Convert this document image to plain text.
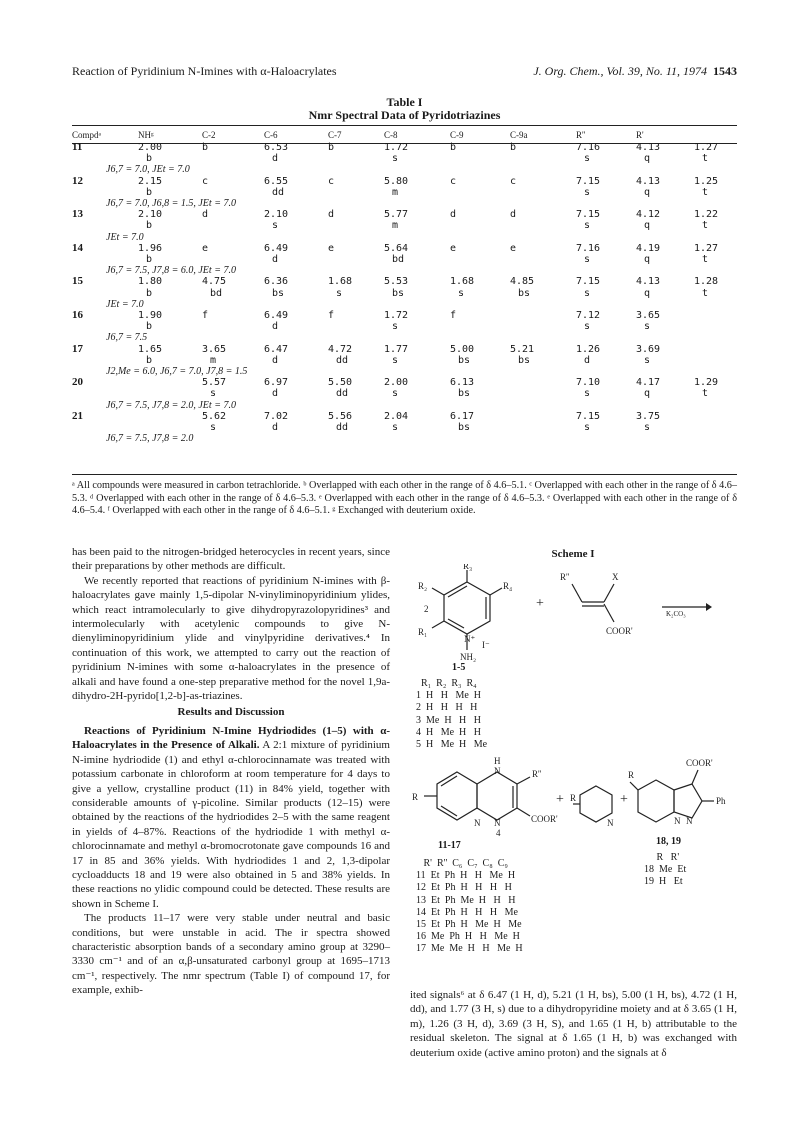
Reaction of Pyridinium N-Imines with α-Haloacrylates	J. Org. Chem., Vol. 39, No. 11, 1974 1543
Table I
Nmr Spectral Data of Pyridotriazines
Compdᵃ	NHᵍ	C-2	C-6	C-7	C-8	C-9	C-9a	R''	R'	
11	2.00	b	6.53	b	1.72	b	b	7.16	4.13	1.27
	b		d		s			s	q	t
J6,7 = 7.0, JEt = 7.0										
12	2.15	c	6.55	c	5.80	c	c	7.15	4.13	1.25
	b		dd		m			s	q	t
J6,7 = 7.0, J6,8 = 1.5, JEt = 7.0										
13	2.10	d	2.10	d	5.77	d	d	7.15	4.12	1.22
	b		s		m			s	q	t
JEt = 7.0										
14	1.96	e	6.49	e	5.64	e	e	7.16	4.19	1.27
	b		d		bd			s	q	t
J6,7 = 7.5, J7,8 = 6.0, JEt = 7.0										
15	1.80	4.75	6.36	1.68	5.53	1.68	4.85	7.15	4.13	1.28
	b	bd	bs	s	bs	s	bs	s	q	t
JEt = 7.0										
16	1.90	f	6.49	f	1.72	f		7.12	3.65	
	b		d		s			s	s	
J6,7 = 7.5										
17	1.65	3.65	6.47	4.72	1.77	5.00	5.21	1.26	3.69	
	b	m	d	dd	s	bs	bs	d	s	
J2,Me = 6.0, J6,7 = 7.0, J7,8 = 1.5										
20		5.57	6.97	5.50	2.00	6.13		7.10	4.17	1.29
		s	d	dd	s	bs		s	q	t
J6,7 = 7.5, J7,8 = 2.0, JEt = 7.0										
21		5.62	7.02	5.56	2.04	6.17		7.15	3.75	
		s	d	dd	s	bs		s	s	
J6,7 = 7.5, J7,8 = 2.0										
ᵃ All compounds were measured in carbon tetrachloride. ᵇ Overlapped with each other in the range of δ 4.6–5.1. ᶜ Overlapped with each other in the range of δ 4.6–5.3. ᵈ Overlapped with each other in the range of δ 4.6–5.3. ᵉ Overlapped with each other in the range of δ 4.6–5.3. ᵉ Overlapped with each other in the range of δ 4.6–5.4. ᶠ Overlapped with each other in the range of δ 4.6–5.1. ᵍ Exchanged with deuterium oxide.

has been paid to the nitrogen-bridged heterocycles in recent years, since their preparations by other methods are difficult.

We recently reported that reactions of pyridinium N-imines with β-haloacrylates gave mainly 1,5-dipolar N-vinyliminopyridinium ylides, which react intramolecularly to give dihydropyrazolopyridines³ and intermolecularly with acetylenic compounds to give N-dienyliminopyridinium ylide and vinylpyridine derivatives.⁴ In continuation of this work, we attempted to carry out the reaction of pyridinium N-imines with some α-haloacrylates in the presence of alkali and have found a one-step preparative method for the novel 1,9a-dihydro-2H-pyrido[1,2-b]-as-triazines.

Results and Discussion

Reactions of Pyridinium N-Imine Hydriodides (1–5) with α-Haloacrylates in the Presence of Alkali. A 2:1 mixture of pyridinium N-imine hydriodide (1) and ethyl α-chlorocinnamate was treated with potassium carbonate in chloroform at room temperature for 4 days to give a yellow, crystalline product (11) in 84% yield, together with considerable amounts of γ-picoline. Similar products (12–15) were obtained by the reactions of the hydriodides 2–5 with the same reagent in yields of 4–87%. Reactions of the hydriodide 1 with methyl α-chlorocinnamate and methyl α-bromocrotonate gave compounds 16 and 17 in 85 and 36% yields. With hydriodides 1 and 2, 1,3-dipolar cycloadducts 18 and 19 were also obtained in 5 and 38% yields. In these reactions no ylidic compound could be detected. These results are shown in Scheme I.

The products 11–17 were very stable under neutral and basic conditions, but were unstable in acid. The ir spectra showed characteristic absorption bands of a secondary amino group at 3290–3330 cm⁻¹ and of an α,β-unsaturated carbonyl group at 1695–1713 cm⁻¹, respectively. The nmr spectrum (Table I) of compound 17, for example, exhib-	ited signals⁶ at δ 6.47 (1 H, d), 5.21 (1 H, bs), 5.00 (1 H, bs), 4.72 (1 H, dd), and 1.77 (3 H, s) due to a dihydropyridine moiety and at δ 3.65 (1 H, m), 1.26 (3 H, d), 3.69 (3 H, S), and 1.65 (1 H, b) attributable to the residual skeleton. The signal at δ 1.65 (1 H, b) was exchanged with deuterium oxide (active amino proton) and the signals at δ

Scheme I
R₃
R₄
R₂
R₁
2
N⁺
I⁻
NH₂
1-5
R₁  R₂  R₃  R₄
1  H   H   Me  H
2  H   H   H   H
3  Me  H   H   H
4  H   Me  H   H
5  H   Me  H   Me
+
R''	X
COOR'
K₂CO₃
R
H
N
N
N
R''
COOR'
4
11-17
R'  R''  C₆  C₇  C₈  C₉
11  Et  Ph  H   H   Me  H
12  Et  Ph  H   H   H   H
13  Et  Ph  Me  H   H   H
14  Et  Ph  H   H   H   Me
15  Et  Ph  H   Me  H   Me
16  Me  Ph  H   H   Me  H
17  Me  Me  H   H   Me  H
+ R
N
+
COOR'
Ph
R
N N
18, 19
R   R'
18  Me  Et
19  H   Et
